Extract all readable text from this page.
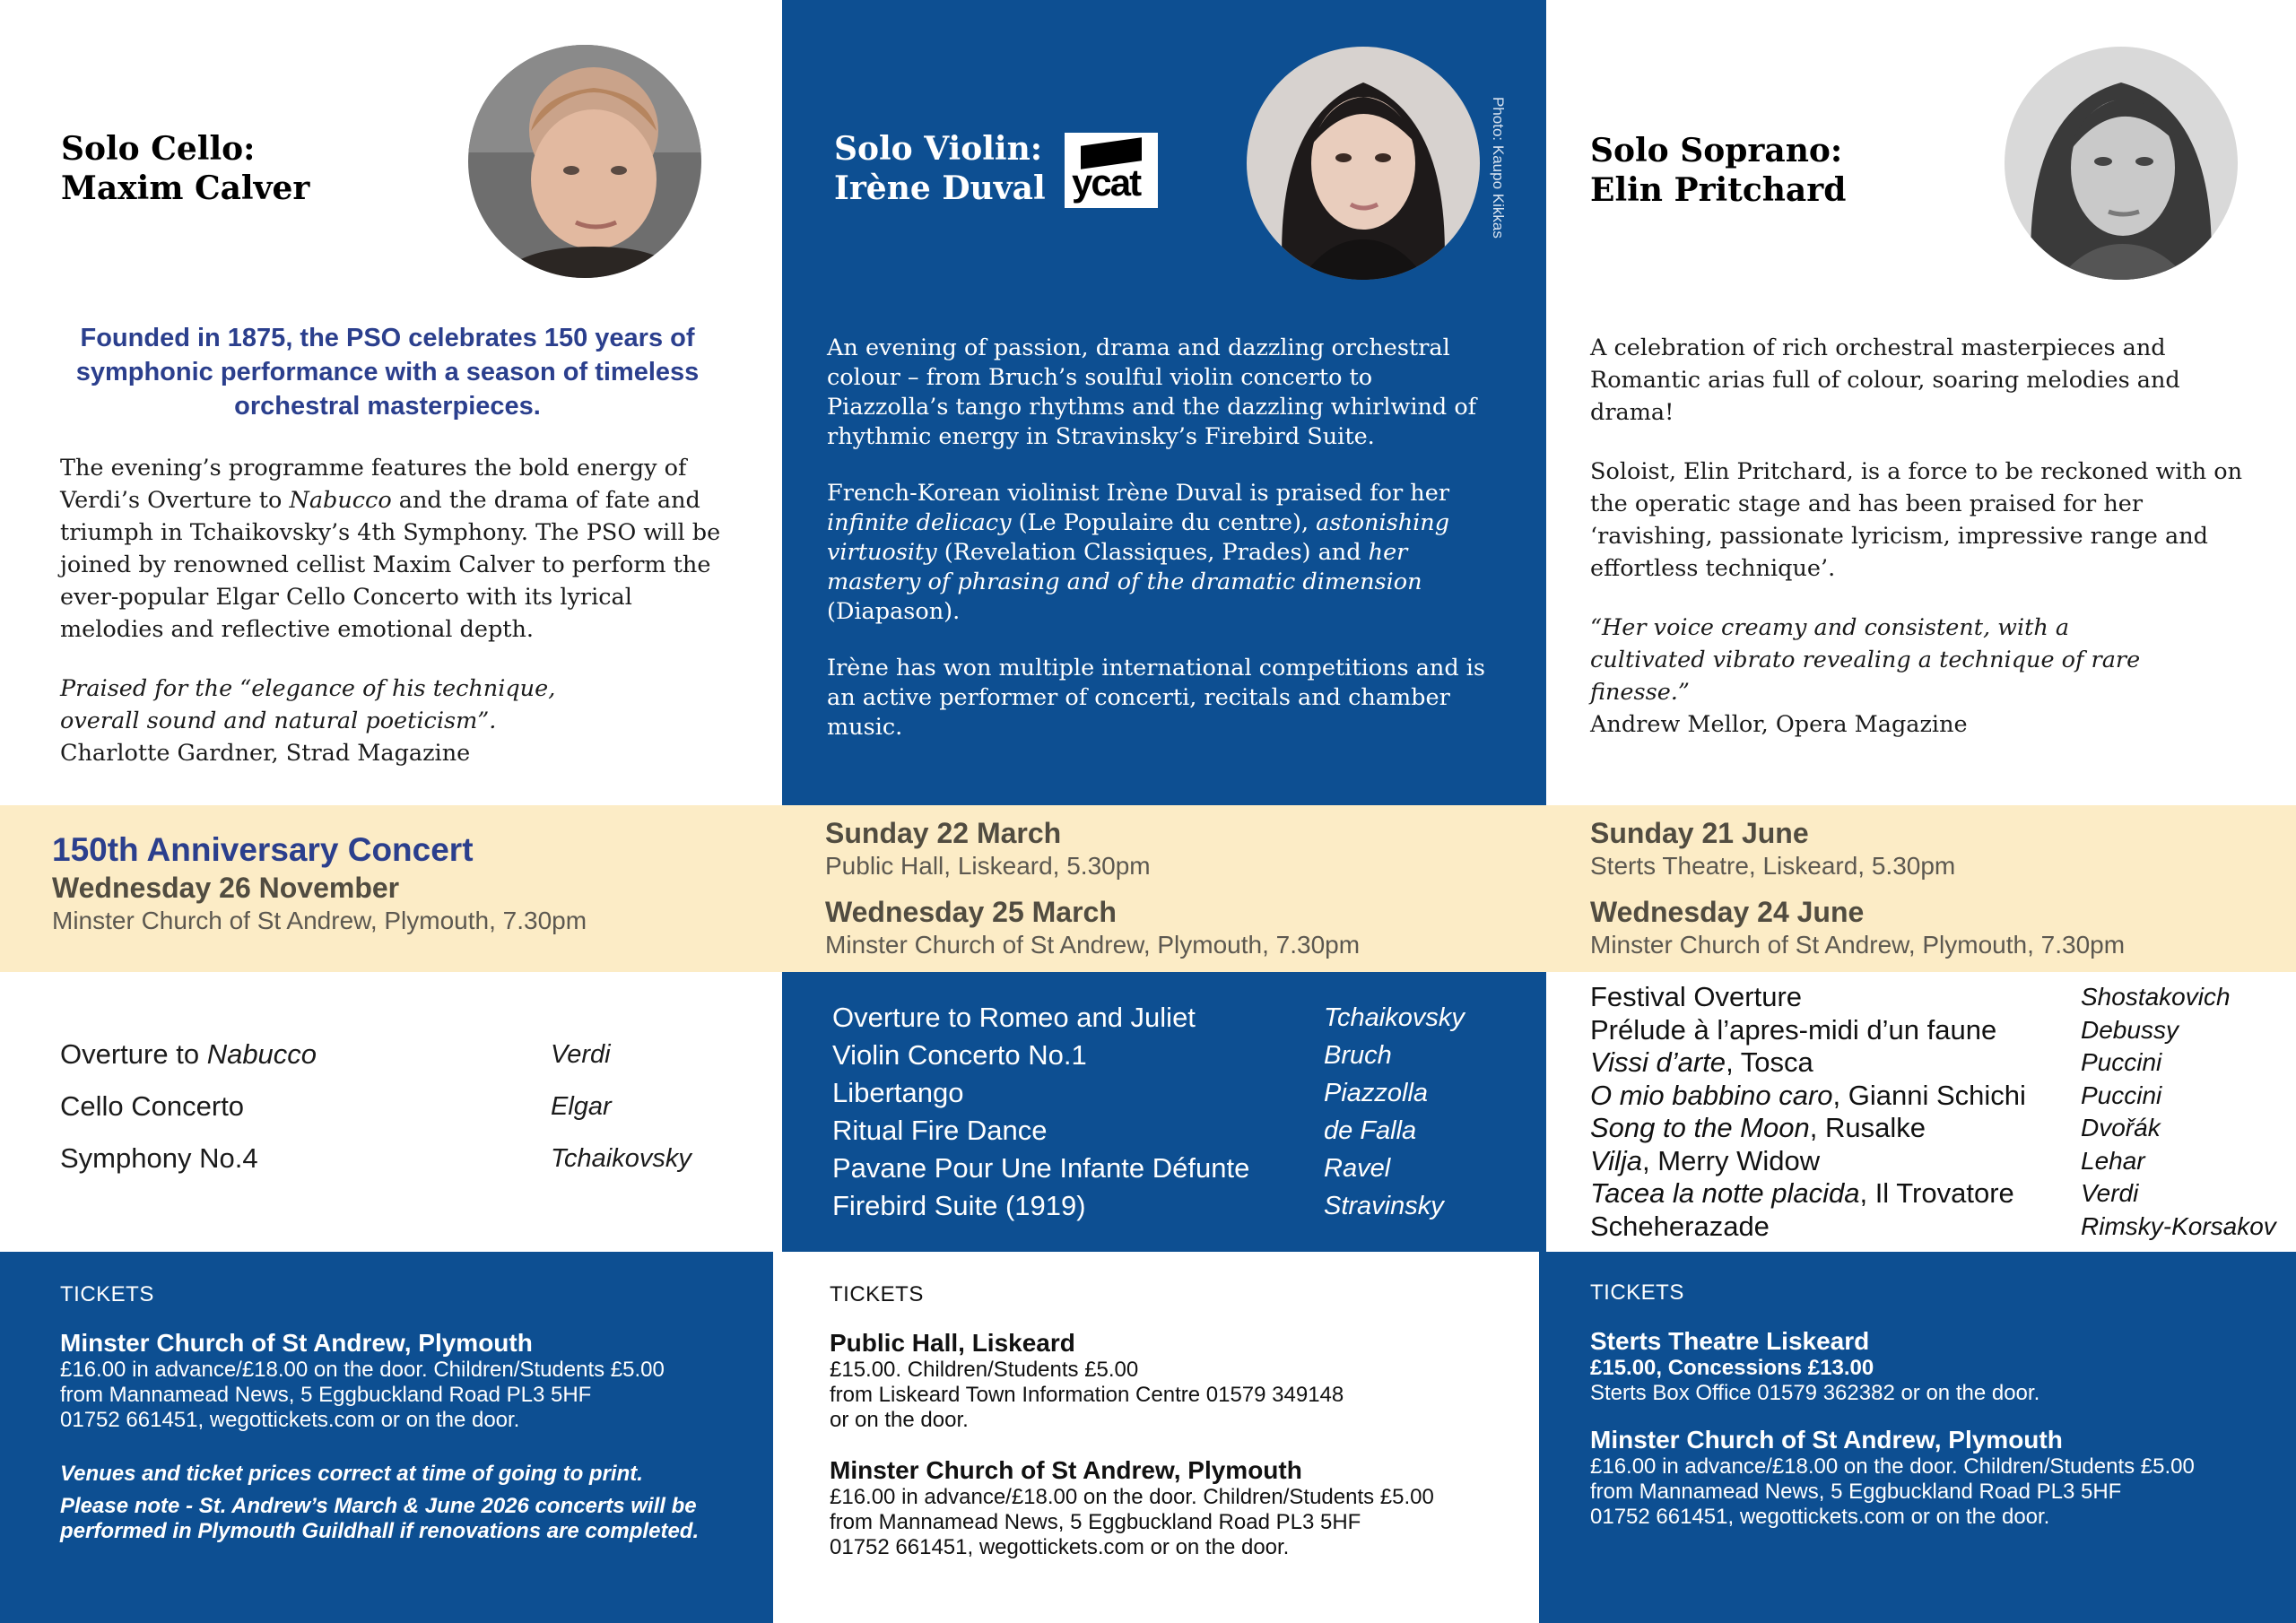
Solo Cello:
Maxim Calver
Founded in 1875, the PSO celebrates 150 years of symphonic performance with a season of timeless orchestral masterpieces.

The evening’s programme features the bold energy of Verdi’s Overture to Nabucco and the drama of fate and triumph in Tchaikovsky’s 4th Symphony. The PSO will be joined by renowned cellist Maxim Calver to perform the ever-popular Elgar Cello Concerto with its lyrical melodies and reflective emotional depth.

Praised for the “elegance of his technique, overall sound and natural poeticism”.
Charlotte Gardner, Strad Magazine

150th Anniversary Concert
Wednesday 26 November
Minster Church of St Andrew, Plymouth, 7.30pm
Overture to Nabucco	Verdi
Cello Concerto	Elgar
Symphony No.4	Tchaikovsky
TICKETS
Minster Church of St Andrew, Plymouth
£16.00 in advance/£18.00 on the door. Children/Students £5.00
from Mannamead News, 5 Eggbuckland Road PL3 5HF
01752 661451, wegottickets.com or on the door.
Venues and ticket prices correct at time of going to print.
Please note - St. Andrew’s March & June 2026 concerts will be performed in Plymouth Guildhall if renovations are completed.
Solo Violin:
Irène Duval ycat	Photo: Kaupo Kikkas

An evening of passion, drama and dazzling orchestral colour – from Bruch’s soulful violin concerto to Piazzolla’s tango rhythms and the dazzling whirlwind of rhythmic energy in Stravinsky’s Firebird Suite.

French-Korean violinist Irène Duval is praised for her infinite delicacy (Le Populaire du centre), astonishing virtuosity (Revelation Classiques, Prades) and her mastery of phrasing and of the dramatic dimension (Diapason).

Irène has won multiple international competitions and is an active performer of concerti, recitals and chamber music.

Sunday 22 March
Public Hall, Liskeard, 5.30pm
Wednesday 25 March
Minster Church of St Andrew, Plymouth, 7.30pm
Overture to Romeo and Juliet	Tchaikovsky
Violin Concerto No.1	Bruch
Libertango	Piazzolla
Ritual Fire Dance	de Falla
Pavane Pour Une Infante Défunte	Ravel
Firebird Suite (1919)	Stravinsky
TICKETS
Public Hall, Liskeard
£15.00. Children/Students £5.00
from Liskeard Town Information Centre 01579 349148
or on the door.
Minster Church of St Andrew, Plymouth
£16.00 in advance/£18.00 on the door. Children/Students £5.00
from Mannamead News, 5 Eggbuckland Road PL3 5HF
01752 661451, wegottickets.com or on the door.
Solo Soprano:
Elin Pritchard

A celebration of rich orchestral masterpieces and Romantic arias full of colour, soaring melodies and drama!

Soloist, Elin Pritchard, is a force to be reckoned with on the operatic stage and has been praised for her ‘ravishing, passionate lyricism, impressive range and effortless technique’.

“Her voice creamy and consistent, with a cultivated vibrato revealing a technique of rare finesse.”
Andrew Mellor, Opera Magazine

Sunday 21 June
Sterts Theatre, Liskeard, 5.30pm
Wednesday 24 June
Minster Church of St Andrew, Plymouth, 7.30pm
Festival Overture	Shostakovich
Prélude à l’apres-midi d’un faune	Debussy
Vissi d’arte, Tosca	Puccini
O mio babbino caro, Gianni Schichi Puccini
Song to the Moon, Rusalke	Dvořák
Vilja, Merry Widow	Lehar
Tacea la notte placida, Il Trovatore	Verdi
Scheherazade	Rimsky-Korsakov
TICKETS
Sterts Theatre Liskeard
£15.00, Concessions £13.00
Sterts Box Office 01579 362382 or on the door.
Minster Church of St Andrew, Plymouth
£16.00 in advance/£18.00 on the door. Children/Students £5.00
from Mannamead News, 5 Eggbuckland Road PL3 5HF
01752 661451, wegottickets.com or on the door.
